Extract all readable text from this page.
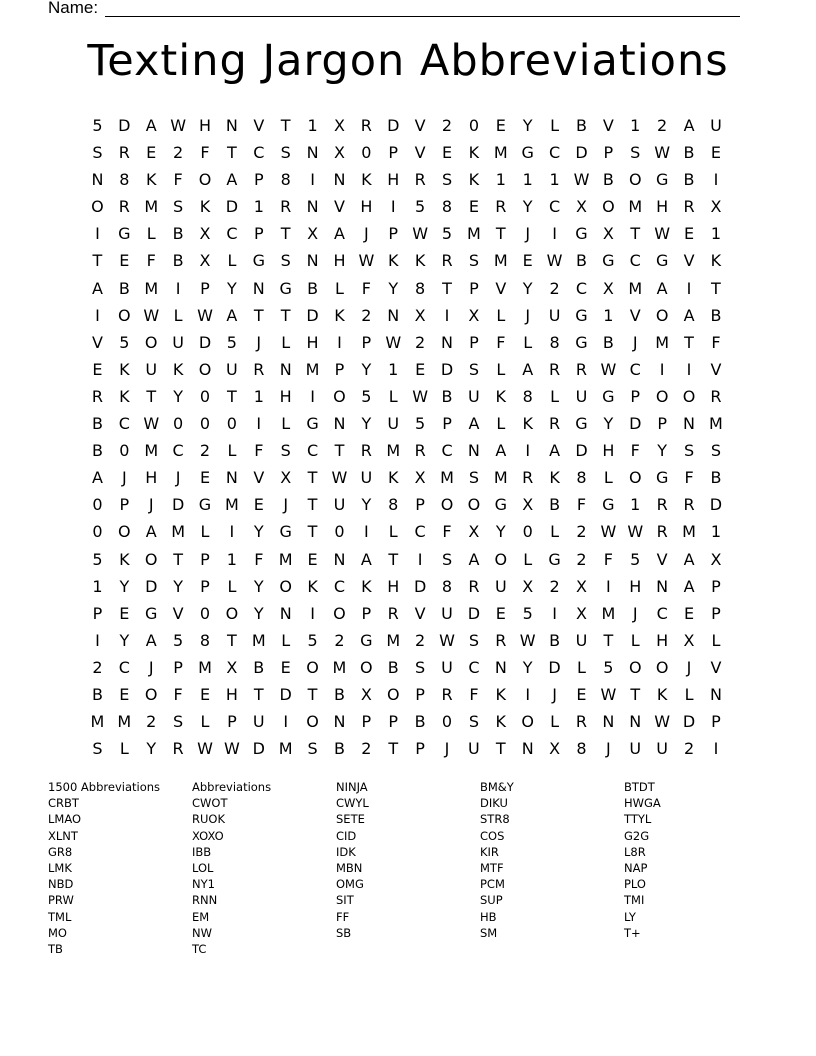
Name:
Texting Jargon Abbreviations
5 D A W H N V	T	1	X R D V	2	0	E	Y	L	B V	1	2	A U
S	R	E	2	F	T	C	S N X	0	P	V	E	K M G C D P	S W B	E
N 8	K	F O A	P	8	I	N K H R	S	K	1	1	1 W B O G B	I
O R M S	K D 1	R N V H	I	5	8	E	R	Y	C X O M H R X
I	G	L	B X C	P	T	X A	J	P W 5 M T	J	I	G X	T W E	1
T	E	F	B X	L	G S N H W K	K	R	S M E W B G C G V	K
A B M	I	P	Y	N G B	L	F	Y	8	T	P	V	Y	2	C X M A	I	T
I	O W L W A	T	T D K	2 N X	I	X	L	J	U G 1	V O A B
V	5 O U D 5	J	L	H	I	P W 2 N	P	F	L	8 G B	J	M T	F
E	K U K O U R N M P	Y	1	E D S	L	A R R W C	I	I	V
R	K	T	Y	0	T	1 H	I	O 5	L W B U K	8	L	U G P O O R
B C W 0	0	0	I	L	G N	Y	U 5	P	A	L	K	R G Y D P	N M
B	0 M C	2	L	F	S	C	T	R M R C N A	I	A D H	F	Y	S	S
A	J	H	J	E N V X	T W U K	X M S M R	K	8	L	O G	F	B
0	P	J	D G M E	J	T	U	Y	8	P O O G X B	F	G 1	R R D
0 O A M L	I	Y G T	0	I	L	C	F	X	Y	0	L	2 W W R M 1
5	K O T	P	1	F M E N A	T	I	S	A O	L	G 2	F	5	V A X
1	Y D Y	P	L	Y O K	C	K H D 8	R U X	2	X	I	H N A	P
P	E G V	0 O Y	N	I	O P	R V U D E	5	I	X M	J	C	E	P
I	Y	A	5	8	T M L	5	2 G M 2 W S	R W B U	T	L	H X	L
2	C	J	P M X B	E O M O B	S U C N	Y D	L	5 O O	J	V
B	E O	F	E H T D T	B X O P	R	F	K	I	J	E W T	K	L	N
M M 2	S	L	P	U	I	O N	P	P	B	0	S	K O	L	R N N W D P
S	L	Y	R W W D M S	B	2	T	P	J	U	T	N X	8	J	U U 2	I
1500 Abbreviations
CRBT
LMAO
XLNT
GR8
LMK
NBD
PRW
TML
MO
TB
Abbreviations
CWOT
RUOK
XOXO
IBB
LOL
NY1
RNN
EM
NW
TC
NINJA
CWYL
SETE
CID
IDK
MBN
OMG
SIT
FF
SB
BM&Y
DIKU
STR8
COS
KIR
MTF
PCM
SUP
HB
SM
BTDT
HWGA
TTYL
G2G
L8R
NAP
PLO
TMI
LY
T+
